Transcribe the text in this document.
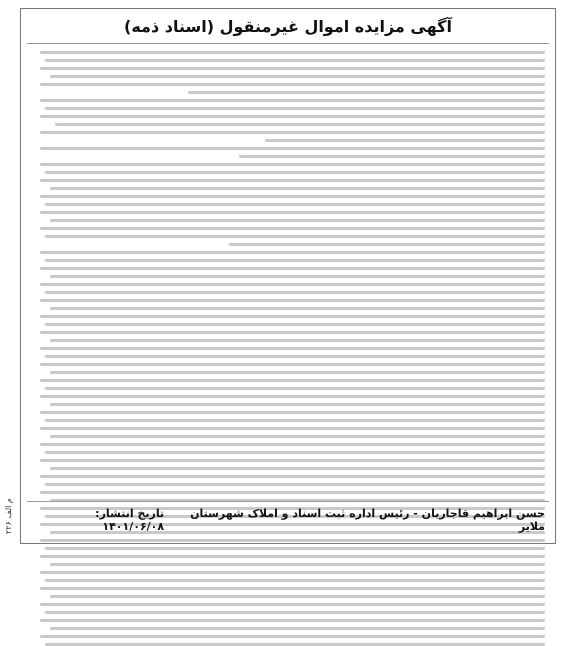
آگهی مزایده اموال غیرمنقول (اسناد ذمه)
حسن ابراهیم قاجاریان - رئیس اداره ثبت اسناد و املاک شهرستان ملایر
تاریخ انتشار: ۱۴۰۱/۰۶/۰۸
م الف ۲۲۶
